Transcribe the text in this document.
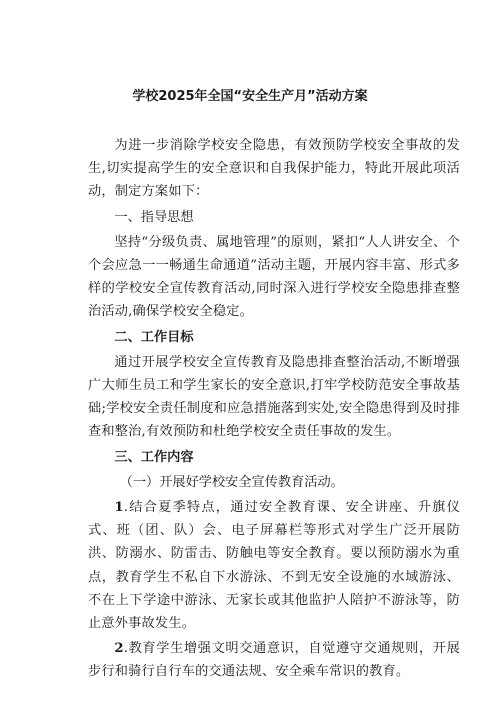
学校2025年全国“安全生产月”活动方案

为进一步消除学校安全隐患，有效预防学校安全事故的发生,切实提高学生的安全意识和自我保护能力，特此开展此项活动，制定方案如下：

一、指导思想

坚持“分级负责、属地管理”的原则，紧扣“人人讲安全、个个会应急一一畅通生命通道”活动主题，开展内容丰富、形式多样的学校安全宣传教育活动,同时深入进行学校安全隐患排查整治活动,确保学校安全稳定。

二、工作目标

通过开展学校安全宣传教育及隐患排查整治活动,不断增强广大师生员工和学生家长的安全意识,打牢学校防范安全事故基础;学校安全责任制度和应急措施落到实处,安全隐患得到及时排查和整治,有效预防和杜绝学校安全责任事故的发生。

三、工作内容

（一）开展好学校安全宣传教育活动。

1.结合夏季特点，通过安全教育课、安全讲座、升旗仪式、班（团、队）会、电子屏幕栏等形式对学生广泛开展防洪、防溺水、防雷击、防触电等安全教育。要以预防溺水为重点，教育学生不私自下水游泳、不到无安全设施的水域游泳、不在上下学途中游泳、无家长或其他监护人陪护不游泳等，防止意外事故发生。

2.教育学生增强文明交通意识，自觉遵守交通规则，开展步行和骑行自行车的交通法规、安全乘车常识的教育。
